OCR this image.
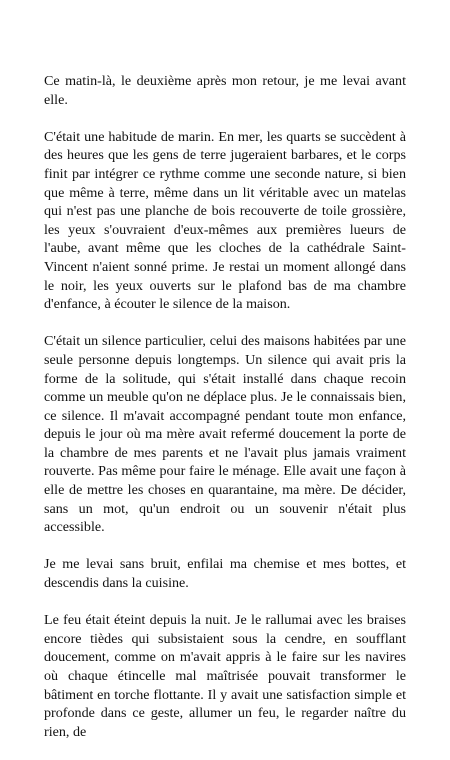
Ce matin-là, le deuxième après mon retour, je me levai avant elle.

C'était une habitude de marin. En mer, les quarts se succèdent à des heures que les gens de terre jugeraient barbares, et le corps finit par intégrer ce rythme comme une seconde nature, si bien que même à terre, même dans un lit véritable avec un matelas qui n'est pas une planche de bois recouverte de toile grossière, les yeux s'ouvraient d'eux-mêmes aux premières lueurs de l'aube, avant même que les cloches de la cathédrale Saint-Vincent n'aient sonné prime. Je restai un moment allongé dans le noir, les yeux ouverts sur le plafond bas de ma chambre d'enfance, à écouter le silence de la maison.

C'était un silence particulier, celui des maisons habitées par une seule personne depuis longtemps. Un silence qui avait pris la forme de la solitude, qui s'était installé dans chaque recoin comme un meuble qu'on ne déplace plus. Je le connaissais bien, ce silence. Il m'avait accompagné pendant toute mon enfance, depuis le jour où ma mère avait refermé doucement la porte de la chambre de mes parents et ne l'avait plus jamais vraiment rouverte. Pas même pour faire le ménage. Elle avait une façon à elle de mettre les choses en quarantaine, ma mère. De décider, sans un mot, qu'un endroit ou un souvenir n'était plus accessible.

Je me levai sans bruit, enfilai ma chemise et mes bottes, et descendis dans la cuisine.

Le feu était éteint depuis la nuit. Je le rallumai avec les braises encore tièdes qui subsistaient sous la cendre, en soufflant doucement, comme on m'avait appris à le faire sur les navires où chaque étincelle mal maîtrisée pouvait transformer le bâtiment en torche flottante. Il y avait une satisfaction simple et profonde dans ce geste, allumer un feu, le regarder naître du rien, de
